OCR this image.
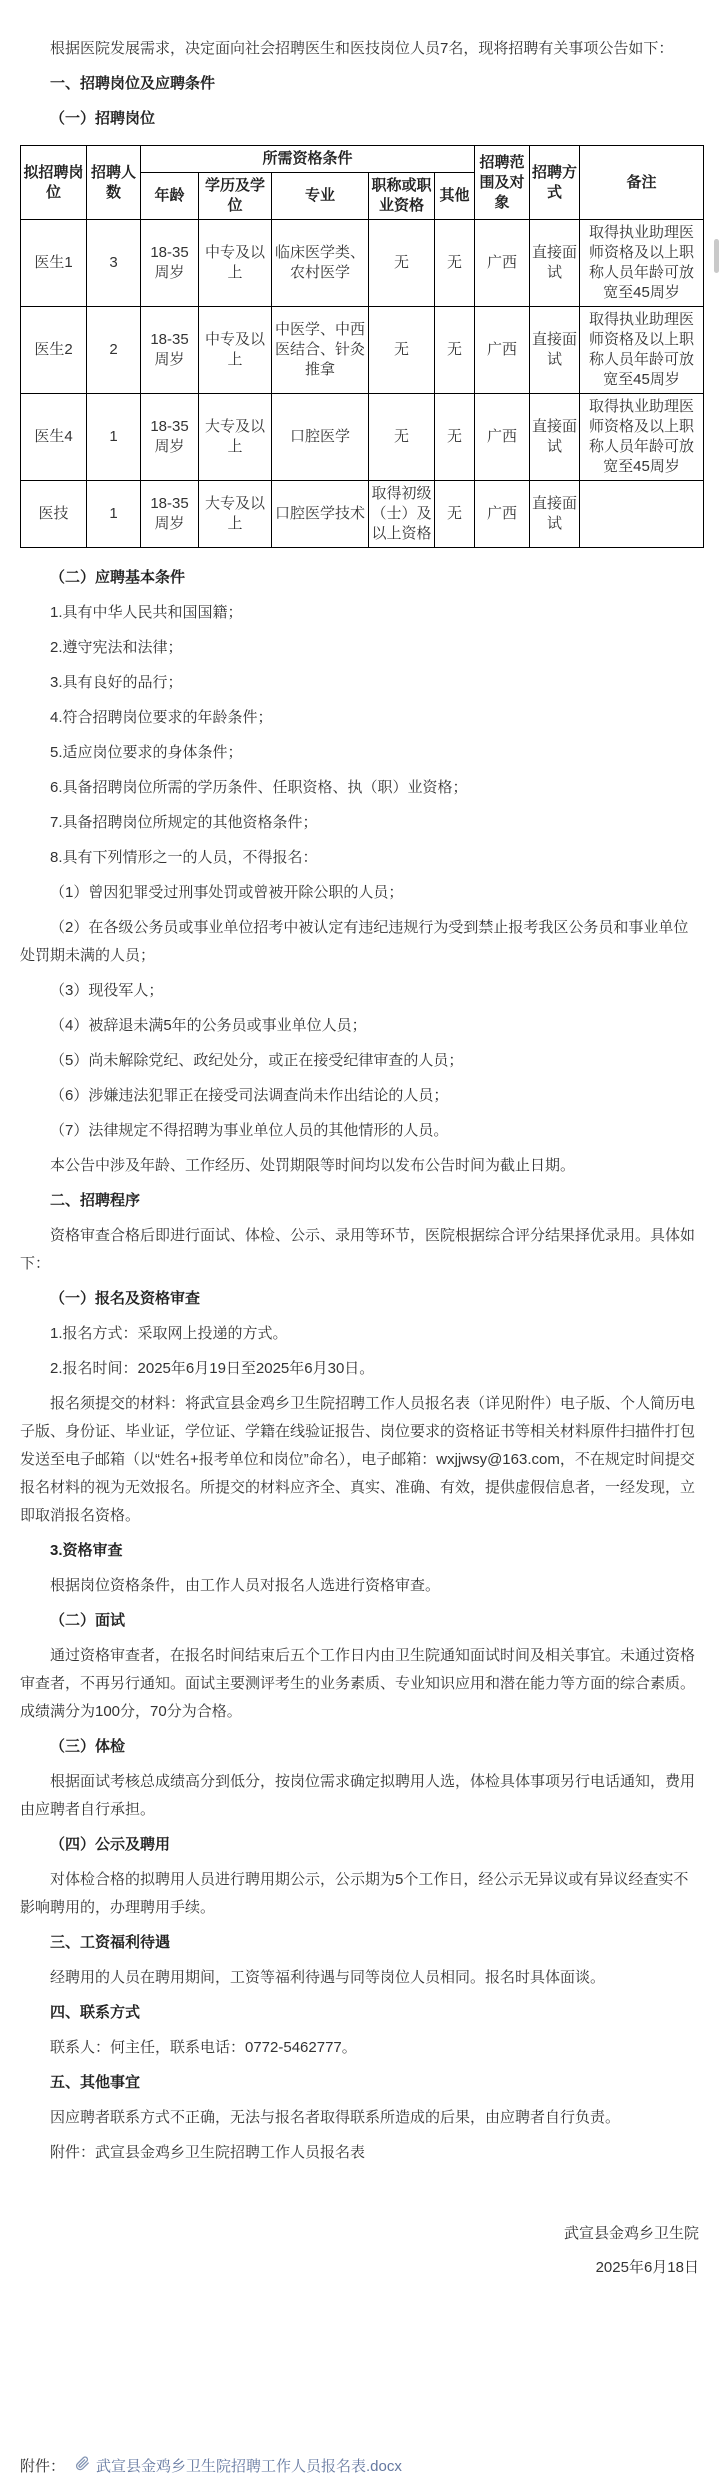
根据医院发展需求，决定面向社会招聘医生和医技岗位人员7名，现将招聘有关事项公告如下：

一、招聘岗位及应聘条件

（一）招聘岗位

拟招聘岗位	招聘人数	所需资格条件					招聘范围及对象	招聘方式	备注
		年龄	学历及学位	专业	职称或职业资格	其他			
医生1	3	18-35周岁	中专及以上	临床医学类、农村医学	无	无	广西	直接面试	取得执业助理医师资格及以上职称人员年龄可放宽至45周岁
医生2	2	18-35周岁	中专及以上	中医学、中西医结合、针灸推拿	无	无	广西	直接面试	取得执业助理医师资格及以上职称人员年龄可放宽至45周岁
医生4	1	18-35周岁	大专及以上	口腔医学	无	无	广西	直接面试	取得执业助理医师资格及以上职称人员年龄可放宽至45周岁
医技	1	18-35周岁	大专及以上	口腔医学技术	取得初级（士）及以上资格	无	广西	直接面试	

（二）应聘基本条件

1.具有中华人民共和国国籍；

2.遵守宪法和法律；

3.具有良好的品行；

4.符合招聘岗位要求的年龄条件；

5.适应岗位要求的身体条件；

6.具备招聘岗位所需的学历条件、任职资格、执（职）业资格；

7.具备招聘岗位所规定的其他资格条件；

8.具有下列情形之一的人员，不得报名：

（1）曾因犯罪受过刑事处罚或曾被开除公职的人员；

（2）在各级公务员或事业单位招考中被认定有违纪违规行为受到禁止报考我区公务员和事业单位处罚期未满的人员；

（3）现役军人；

（4）被辞退未满5年的公务员或事业单位人员；

（5）尚未解除党纪、政纪处分，或正在接受纪律审查的人员；

（6）涉嫌违法犯罪正在接受司法调查尚未作出结论的人员；

（7）法律规定不得招聘为事业单位人员的其他情形的人员。

本公告中涉及年龄、工作经历、处罚期限等时间均以发布公告时间为截止日期。

二、招聘程序

资格审查合格后即进行面试、体检、公示、录用等环节，医院根据综合评分结果择优录用。具体如下：

（一）报名及资格审查

1.报名方式：采取网上投递的方式。

2.报名时间：2025年6月19日至2025年6月30日。

报名须提交的材料：将武宣县金鸡乡卫生院招聘工作人员报名表（详见附件）电子版、个人简历电子版、身份证、毕业证，学位证、学籍在线验证报告、岗位要求的资格证书等相关材料原件扫描件打包发送至电子邮箱（以“姓名+报考单位和岗位”命名），电子邮箱：wxjjwsy@163.com，不在规定时间提交报名材料的视为无效报名。所提交的材料应齐全、真实、准确、有效，提供虚假信息者，一经发现，立即取消报名资格。

3.资格审查

根据岗位资格条件，由工作人员对报名人选进行资格审查。

（二）面试

通过资格审查者，在报名时间结束后五个工作日内由卫生院通知面试时间及相关事宜。未通过资格审查者，不再另行通知。面试主要测评考生的业务素质、专业知识应用和潜在能力等方面的综合素质。成绩满分为100分，70分为合格。

（三）体检

根据面试考核总成绩高分到低分，按岗位需求确定拟聘用人选，体检具体事项另行电话通知，费用由应聘者自行承担。

（四）公示及聘用

对体检合格的拟聘用人员进行聘用期公示，公示期为5个工作日，经公示无异议或有异议经查实不影响聘用的，办理聘用手续。

三、工资福利待遇

经聘用的人员在聘用期间，工资等福利待遇与同等岗位人员相同。报名时具体面谈。

四、联系方式

联系人：何主任，联系电话：0772-5462777。

五、其他事宜

因应聘者联系方式不正确，无法与报名者取得联系所造成的后果，由应聘者自行负责。

附件：武宣县金鸡乡卫生院招聘工作人员报名表

武宣县金鸡乡卫生院

2025年6月18日

附件： 武宣县金鸡乡卫生院招聘工作人员报名表.docx
